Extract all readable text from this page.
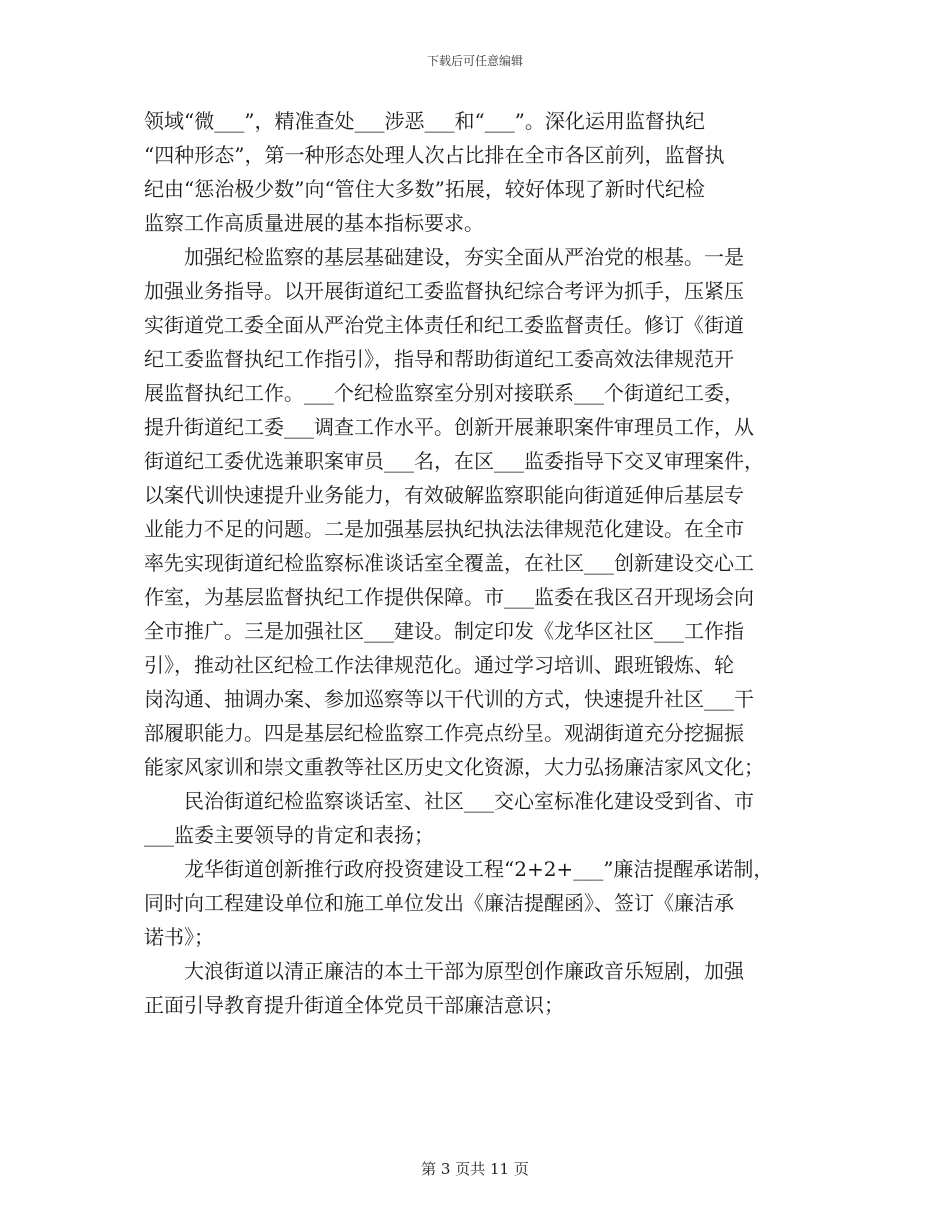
下载后可任意编辑
领域“微___”，精准查处___涉恶___和“___”。深化运用监督执纪
“四种形态”，第一种形态处理人次占比排在全市各区前列，监督执
纪由“惩治极少数”向“管住大多数”拓展，较好体现了新时代纪检
监察工作高质量进展的基本指标要求。
　　加强纪检监察的基层基础建设，夯实全面从严治党的根基。一是
加强业务指导。以开展街道纪工委监督执纪综合考评为抓手，压紧压
实街道党工委全面从严治党主体责任和纪工委监督责任。修订《街道
纪工委监督执纪工作指引》，指导和帮助街道纪工委高效法律规范开
展监督执纪工作。___个纪检监察室分别对接联系___个街道纪工委，
提升街道纪工委___调查工作水平。创新开展兼职案件审理员工作，从
街道纪工委优选兼职案审员___名，在区___监委指导下交叉审理案件，
以案代训快速提升业务能力，有效破解监察职能向街道延伸后基层专
业能力不足的问题。二是加强基层执纪执法法律规范化建设。在全市
率先实现街道纪检监察标准谈话室全覆盖，在社区___创新建设交心工
作室，为基层监督执纪工作提供保障。市___监委在我区召开现场会向
全市推广。三是加强社区___建设。制定印发《龙华区社区___工作指
引》，推动社区纪检工作法律规范化。通过学习培训、跟班锻炼、轮
岗沟通、抽调办案、参加巡察等以干代训的方式，快速提升社区___干
部履职能力。四是基层纪检监察工作亮点纷呈。观湖街道充分挖掘振
能家风家训和崇文重教等社区历史文化资源，大力弘扬廉洁家风文化；
　　民治街道纪检监察谈话室、社区___交心室标准化建设受到省、市
___监委主要领导的肯定和表扬；
　　龙华街道创新推行政府投资建设工程“2+2+___”廉洁提醒承诺制，
同时向工程建设单位和施工单位发出《廉洁提醒函》、签订《廉洁承
诺书》；
　　大浪街道以清正廉洁的本土干部为原型创作廉政音乐短剧，加强
正面引导教育提升街道全体党员干部廉洁意识；
第 3 页共 11 页
